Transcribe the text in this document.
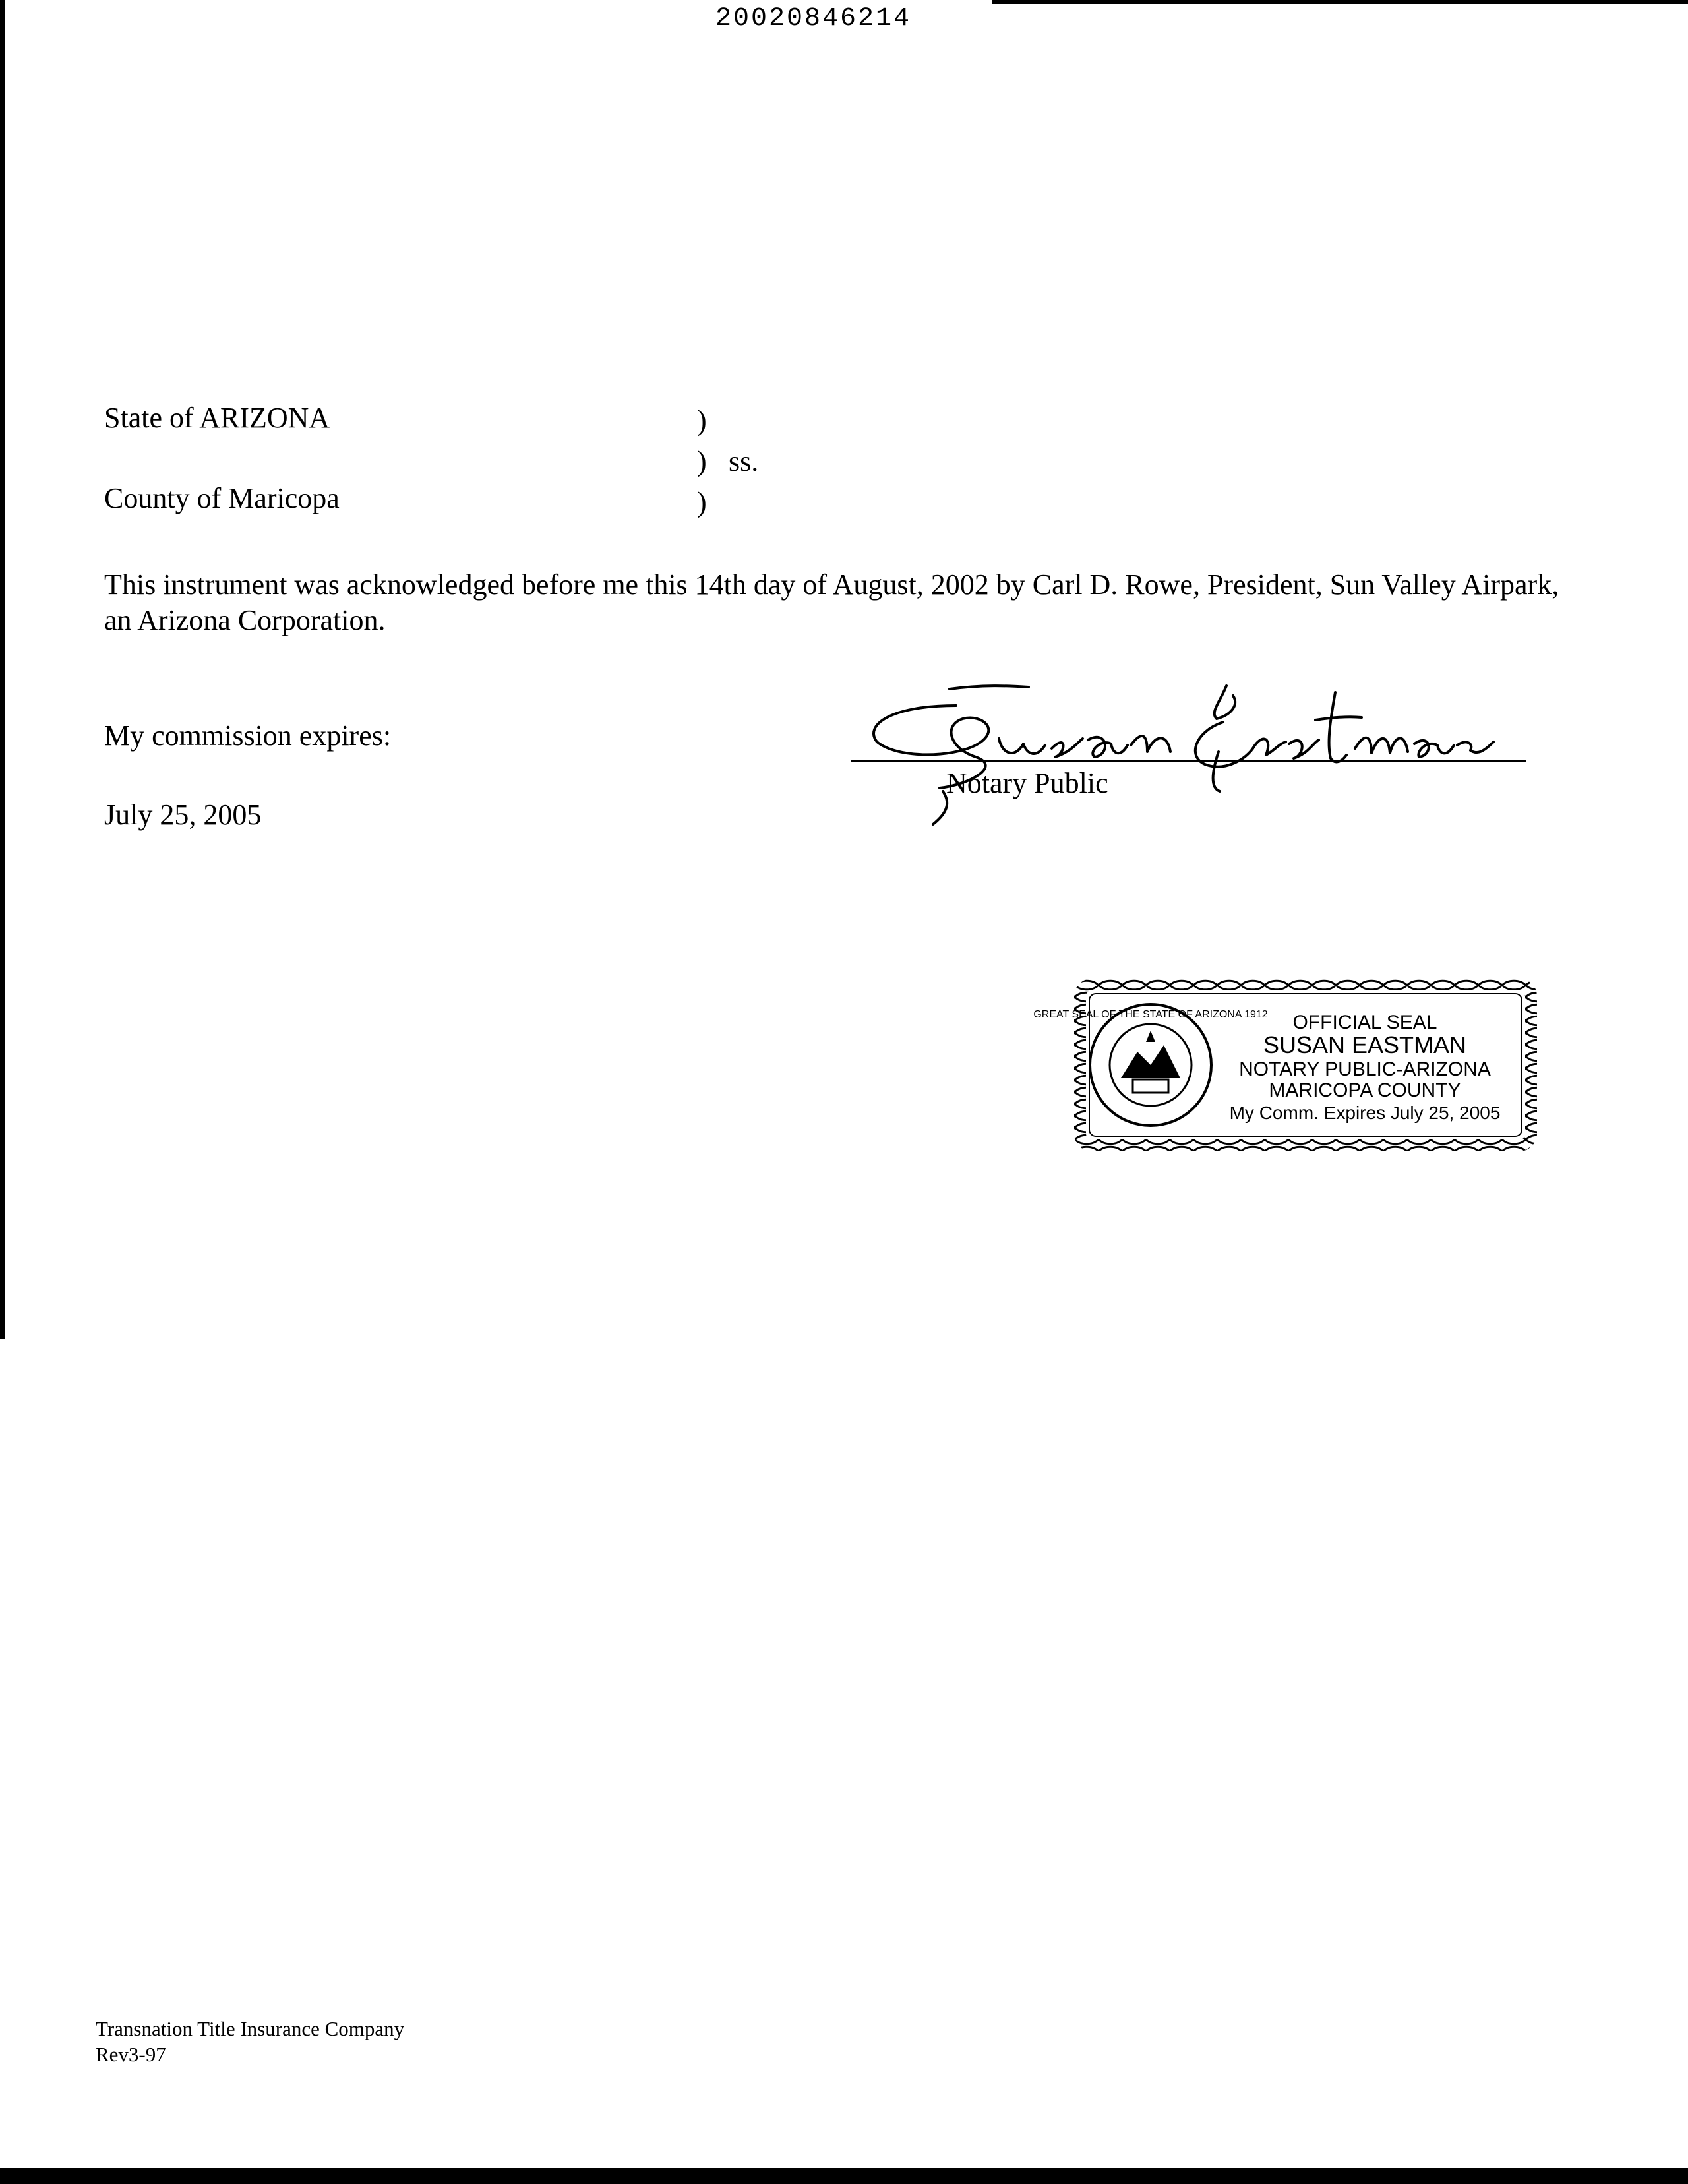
20020846214
State of ARIZONA
County of Maricopa
)
)
)
ss.
This instrument was acknowledged before me this 14th day of August, 2002 by Carl D. Rowe, President, Sun Valley Airpark, an Arizona Corporation.
My commission expires:
July 25, 2005
Notary Public
GREAT SEAL OF THE STATE OF ARIZONA 1912 OFFICIAL SEAL
SUSAN EASTMAN
NOTARY PUBLIC-ARIZONA
MARICOPA COUNTY
My Comm. Expires July 25, 2005
Transnation Title Insurance Company
Rev3-97
